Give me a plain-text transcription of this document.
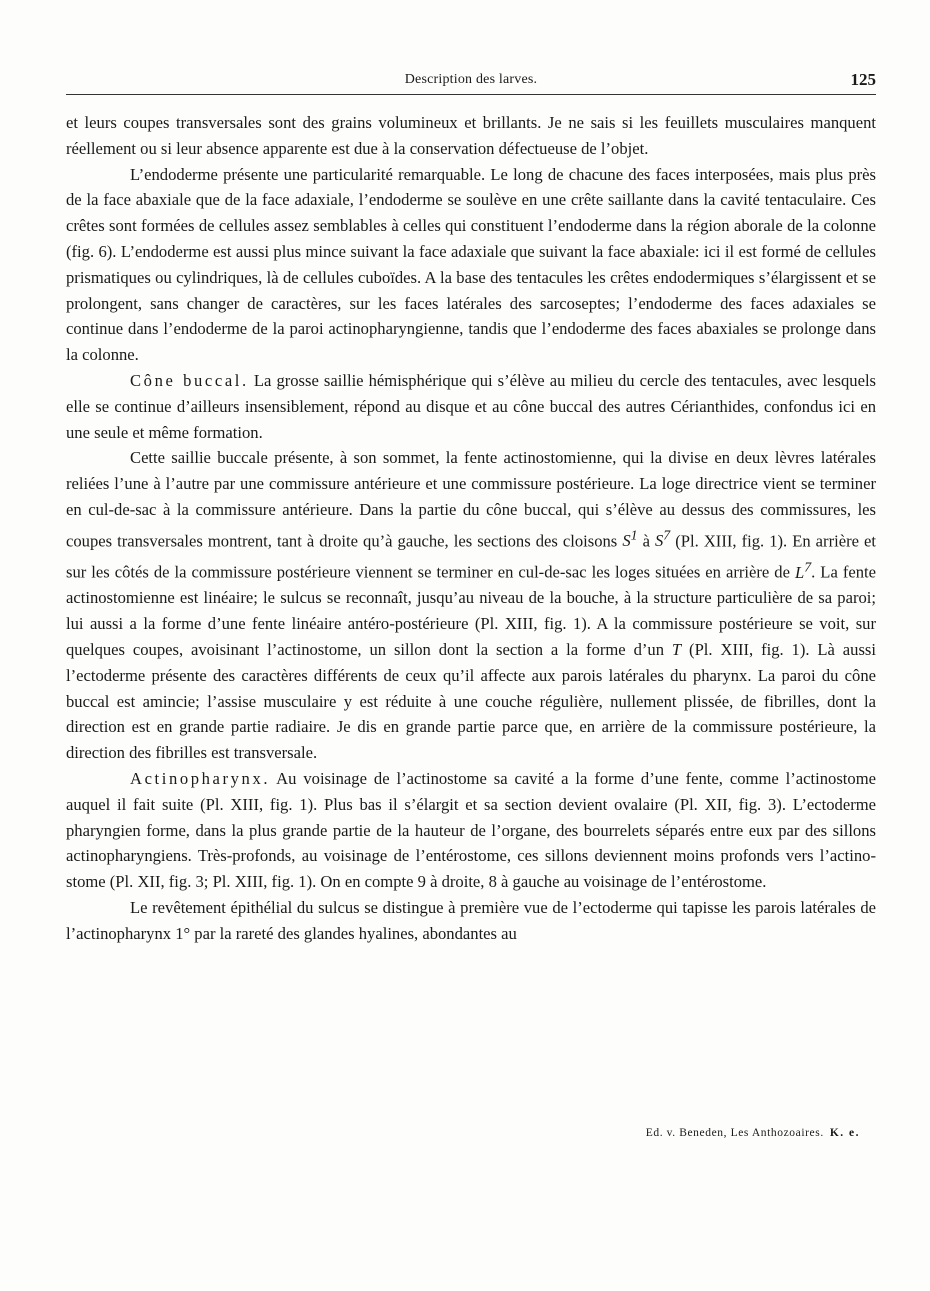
Description des larves.	125

et leurs coupes transversales sont des grains volumineux et brillants. Je ne sais si les feuillets musculaires manquent réellement ou si leur absence apparente est due à la conservation défectueuse de l’objet.

L’endoderme présente une particularité remarquable. Le long de chacune des faces interposées, mais plus près de la face abaxiale que de la face adaxiale, l’endoderme se soulève en une crête saillante dans la cavité tentaculaire. Ces crêtes sont formées de cellules assez semblables à celles qui constituent l’endoderme dans la région aborale de la colonne (fig. 6). L’endoderme est aussi plus mince suivant la face adaxiale que suivant la face abaxiale: ici il est formé de cellules prismatiques ou cylindriques, là de cellules cuboïdes. A la base des tentacules les crêtes endodermiques s’élargissent et se prolongent, sans changer de caractères, sur les faces latérales des sarcoseptes; l’endoderme des faces adaxiales se continue dans l’endoderme de la paroi actinopharyngienne, tandis que l’endoderme des faces abaxiales se prolonge dans la colonne.

Cône buccal. La grosse saillie hémisphérique qui s’élève au milieu du cercle des tentacules, avec lesquels elle se continue d’ailleurs insensiblement, répond au disque et au cône buccal des autres Cérianthides, confondus ici en une seule et même formation.

Cette saillie buccale présente, à son sommet, la fente actinostomienne, qui la divise en deux lèvres latérales reliées l’une à l’autre par une commissure antérieure et une commissure postérieure. La loge directrice vient se terminer en cul-de-sac à la commissure antérieure. Dans la partie du cône buccal, qui s’élève au dessus des commissures, les coupes transversales montrent, tant à droite qu’à gauche, les sections des cloisons $S^1$ à $S^7$ (Pl. XIII, fig. 1). En arrière et sur les côtés de la commissure postérieure viennent se terminer en cul-de-sac les loges situées en arrière de $L^7$. La fente actinostomienne est linéaire; le sulcus se reconnaît, jusqu’au niveau de la bouche, à la structure particulière de sa paroi; lui aussi a la forme d’une fente linéaire antéro-postérieure (Pl. XIII, fig. 1). A la commissure postérieure se voit, sur quelques coupes, avoisinant l’actinostome, un sillon dont la section a la forme d’un T (Pl. XIII, fig. 1). Là aussi l’ectoderme présente des caractères différents de ceux qu’il affecte aux parois latérales du pharynx. La paroi du cône buccal est amincie; l’assise musculaire y est réduite à une couche régulière, nullement plissée, de fibrilles, dont la direction est en grande partie radiaire. Je dis en grande partie parce que, en arrière de la commissure postérieure, la direction des fibrilles est transversale.

Actinopharynx. Au voisinage de l’actinostome sa cavité a la forme d’une fente, comme l’actinostome auquel il fait suite (Pl. XIII, fig. 1). Plus bas il s’élargit et sa section devient ovalaire (Pl. XII, fig. 3). L’ectoderme pharyngien forme, dans la plus grande partie de la hauteur de l’organe, des bourrelets séparés entre eux par des sillons actinopharyngiens. Très-profonds, au voisinage de l’entérostome, ces sillons deviennent moins profonds vers l’actinostome (Pl. XII, fig. 3; Pl. XIII, fig. 1). On en compte 9 à droite, 8 à gauche au voisinage de l’entérostome.

Le revêtement épithélial du sulcus se distingue à première vue de l’ectoderme qui tapisse les parois latérales de l’actinopharynx 1° par la rareté des glandes hyalines, abondantes au

Ed. v. Beneden, Les Anthozoaires. K. e.
